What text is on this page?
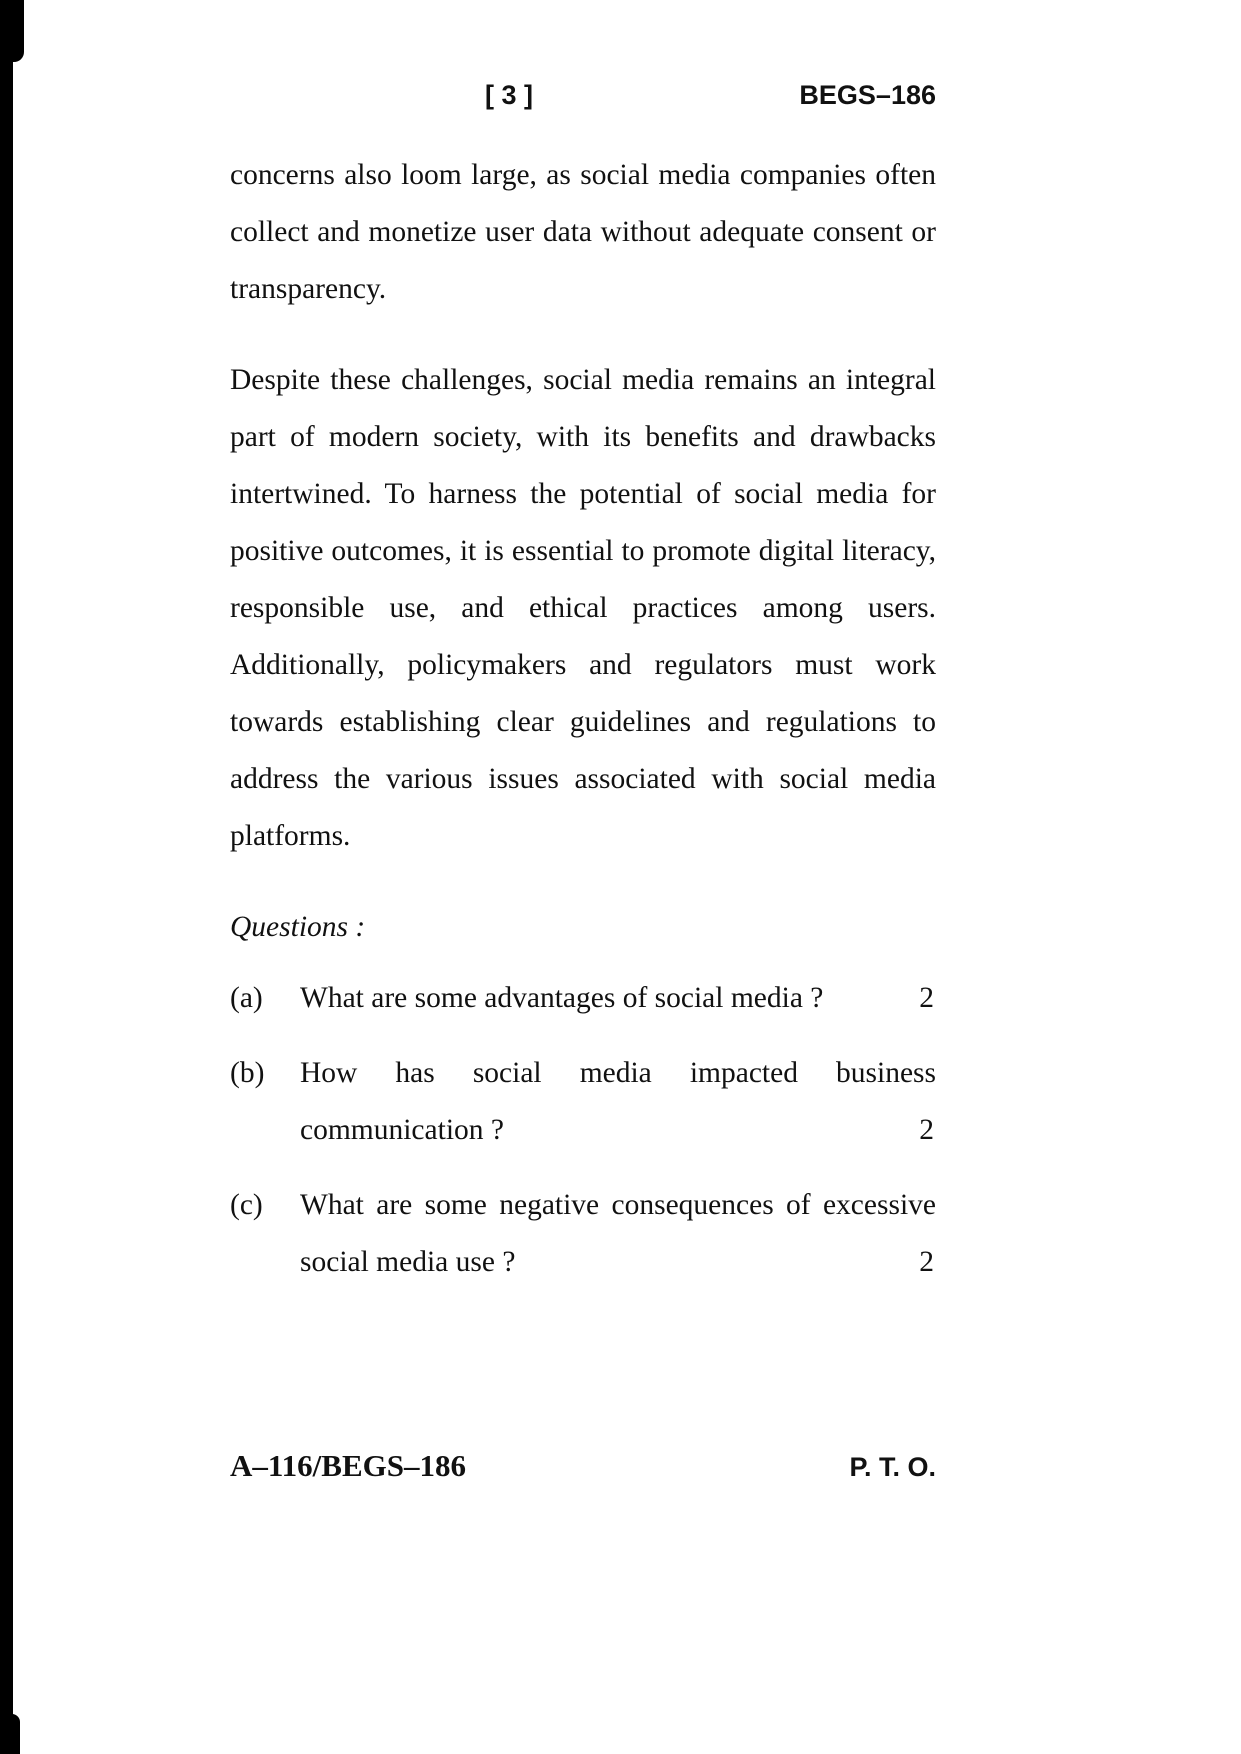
[ 3 ]	BEGS–186

concerns also loom large, as social media companies often collect and monetize user data without adequate consent or transparency.

Despite these challenges, social media remains an integral part of modern society, with its benefits and drawbacks intertwined. To harness the potential of social media for positive outcomes, it is essential to promote digital literacy, responsible use, and ethical practices among users. Additionally, policymakers and regulators must work towards establishing clear guidelines and regulations to address the various issues associated with social media platforms.

Questions :
(a)	What are some advantages of social media ?	2
(b)	How has social media impacted business communication ?	2
(c)	What are some negative consequences of excessive social media use ?	2
A–116/BEGS–186	P. T. O.
